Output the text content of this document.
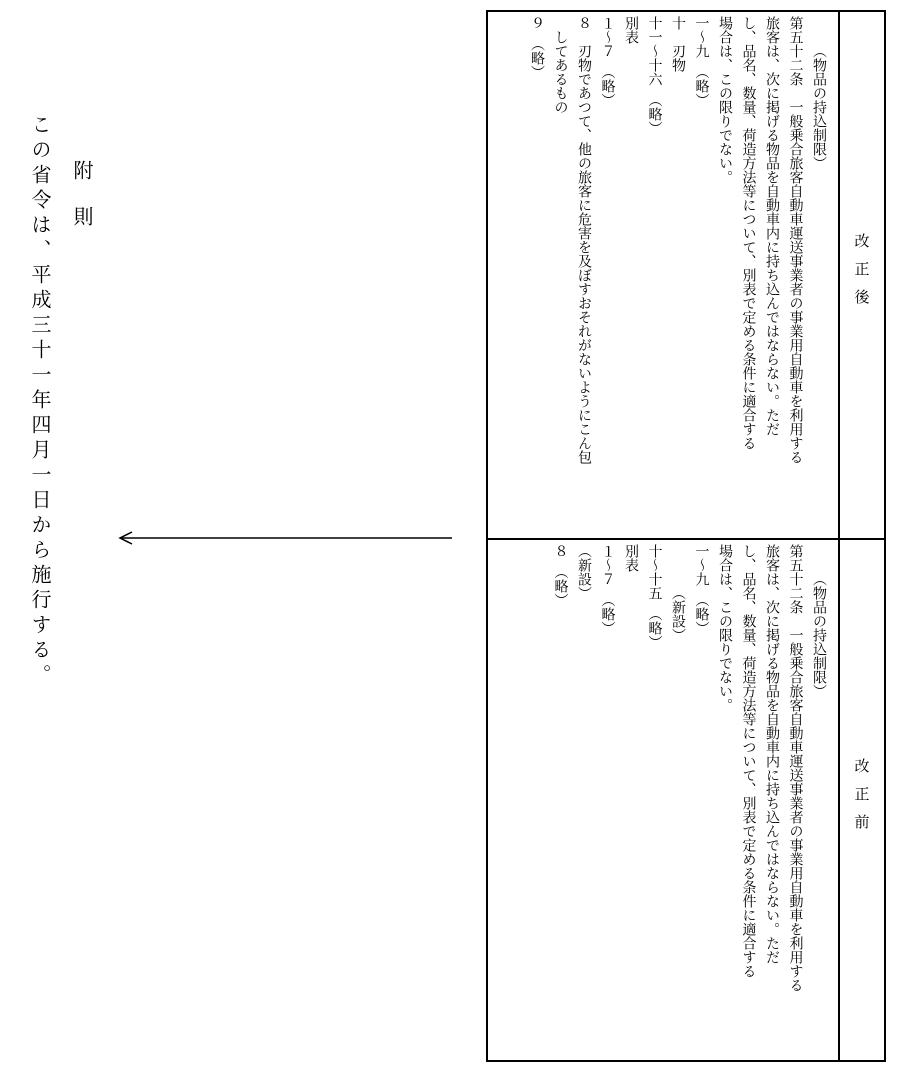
改正後
改正前
（物品の持込制限）
第五十二条　一般乗合旅客自動車運送事業者の事業用自動車を利用する
旅客は、次に掲げる物品を自動車内に持ち込んではならない。ただ
し、品名、数量、荷造方法等について、別表で定める条件に適合する
場合は、この限りでない。
一～九　（略）
十　刃物
十一～十六　（略）
別表
１～７　（略）
８　刃物であつて、他の旅客に危害を及ぼすおそれがないようにこん包
してあるもの
９　（略）
（物品の持込制限）
第五十二条　一般乗合旅客自動車運送事業者の事業用自動車を利用する
旅客は、次に掲げる物品を自動車内に持ち込んではならない。ただ
し、品名、数量、荷造方法等について、別表で定める条件に適合する
場合は、この限りでない。
一～九　（略）
（新設）
十～十五　（略）
別表
１～７　（略）
（新設）
８　（略）
附則
この省令は、平成三十一年四月一日から施行する。
